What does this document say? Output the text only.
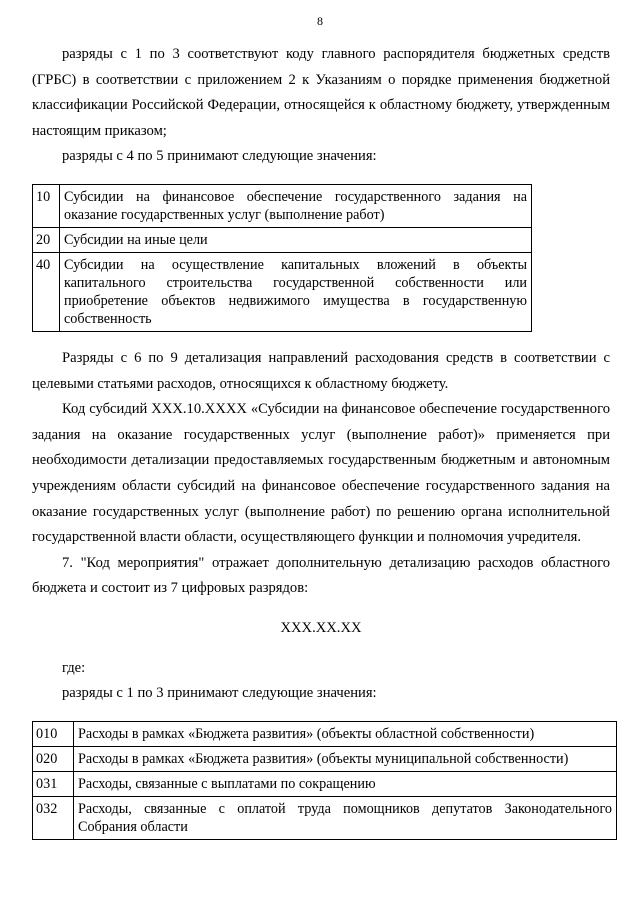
8

разряды с 1 по 3 соответствуют коду главного распорядителя бюджетных средств (ГРБС) в соответствии с приложением 2 к Указаниям о порядке применения бюджетной классификации Российской Федерации, относящейся к областному бюджету, утвержденным настоящим приказом;

разряды с 4 по 5 принимают следующие значения:

10	Субсидии на финансовое обеспечение государственного задания на оказание государственных услуг (выполнение работ)
20	Субсидии на иные цели
40	Субсидии на осуществление капитальных вложений в объекты капитального строительства государственной собственности или приобретение объектов недвижимого имущества в государственную собственность

Разряды с 6 по 9 детализация направлений расходования средств в соответствии с целевыми статьями расходов, относящихся к областному бюджету.

Код субсидий XXX.10.XXXX «Субсидии на финансовое обеспечение государственного задания на оказание государственных услуг (выполнение работ)» применяется при необходимости детализации предоставляемых государственным бюджетным и автономным учреждениям области субсидий на финансовое обеспечение государственного задания на оказание государственных услуг (выполнение работ) по решению органа исполнительной государственной власти области, осуществляющего функции и полномочия учредителя.

7. "Код мероприятия" отражает дополнительную детализацию расходов областного бюджета и состоит из 7 цифровых разрядов:

XXX.XX.XX

где:

разряды с 1 по 3 принимают следующие значения:

010	Расходы в рамках «Бюджета развития» (объекты областной собственности)
020	Расходы в рамках «Бюджета развития» (объекты муниципальной собственности)
031	Расходы, связанные с выплатами по сокращению
032	Расходы, связанные с оплатой труда помощников депутатов Законодательного Собрания области
